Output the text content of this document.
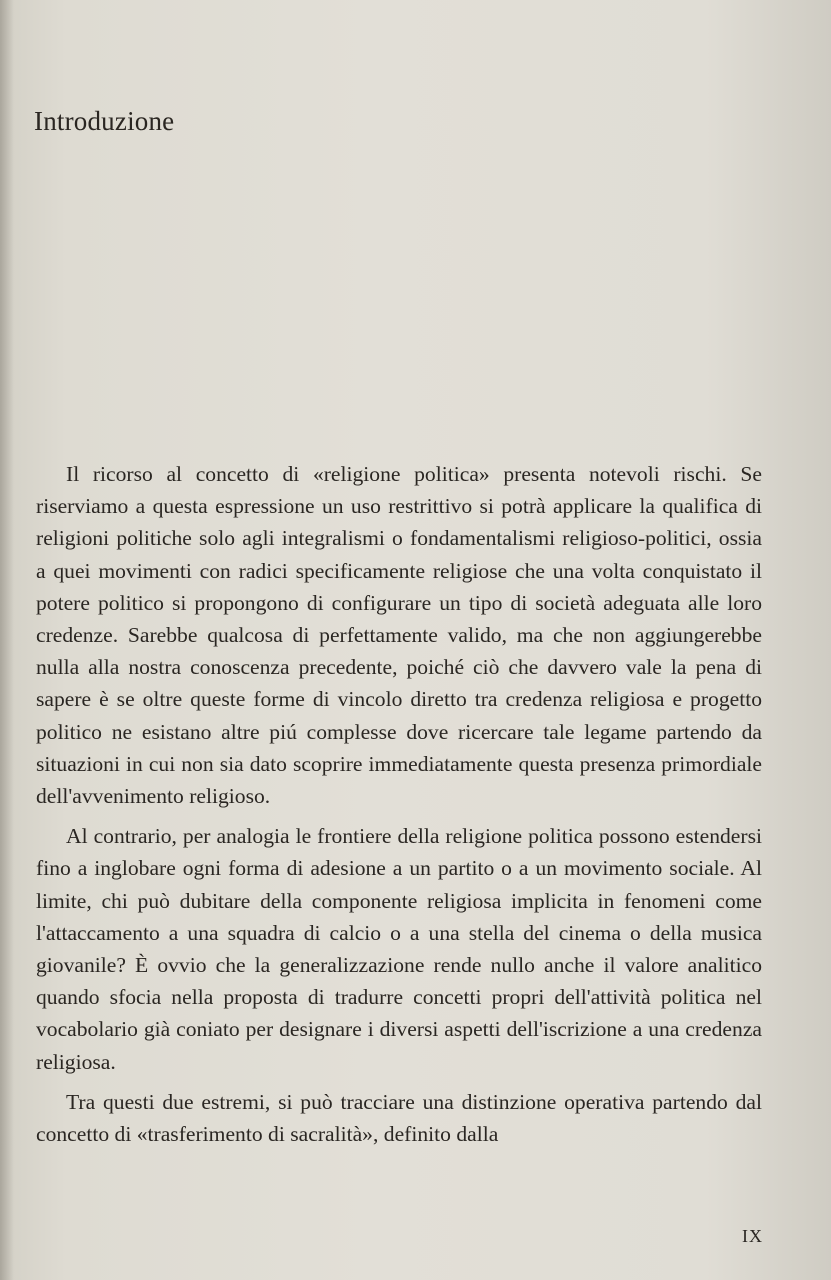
Introduzione

Il ricorso al concetto di «religione politica» presenta notevoli rischi. Se riserviamo a questa espressione un uso restrittivo si potrà applicare la qualifica di religioni politiche solo agli integralismi o fondamentalismi religioso-politici, ossia a quei movimenti con radici specificamente religiose che una volta conquistato il potere politico si propongono di configurare un tipo di società adeguata alle loro credenze. Sarebbe qualcosa di perfettamente valido, ma che non aggiungerebbe nulla alla nostra conoscenza precedente, poiché ciò che davvero vale la pena di sapere è se oltre queste forme di vincolo diretto tra credenza religiosa e progetto politico ne esistano altre piú complesse dove ricercare tale legame partendo da situazioni in cui non sia dato scoprire immediatamente questa presenza primordiale dell'avvenimento religioso.

Al contrario, per analogia le frontiere della religione politica possono estendersi fino a inglobare ogni forma di adesione a un partito o a un movimento sociale. Al limite, chi può dubitare della componente religiosa implicita in fenomeni come l'attaccamento a una squadra di calcio o a una stella del cinema o della musica giovanile? È ovvio che la generalizzazione rende nullo anche il valore analitico quando sfocia nella proposta di tradurre concetti propri dell'attività politica nel vocabolario già coniato per designare i diversi aspetti dell'iscrizione a una credenza religiosa.

Tra questi due estremi, si può tracciare una distinzione operativa partendo dal concetto di «trasferimento di sacralità», definito dalla

IX
